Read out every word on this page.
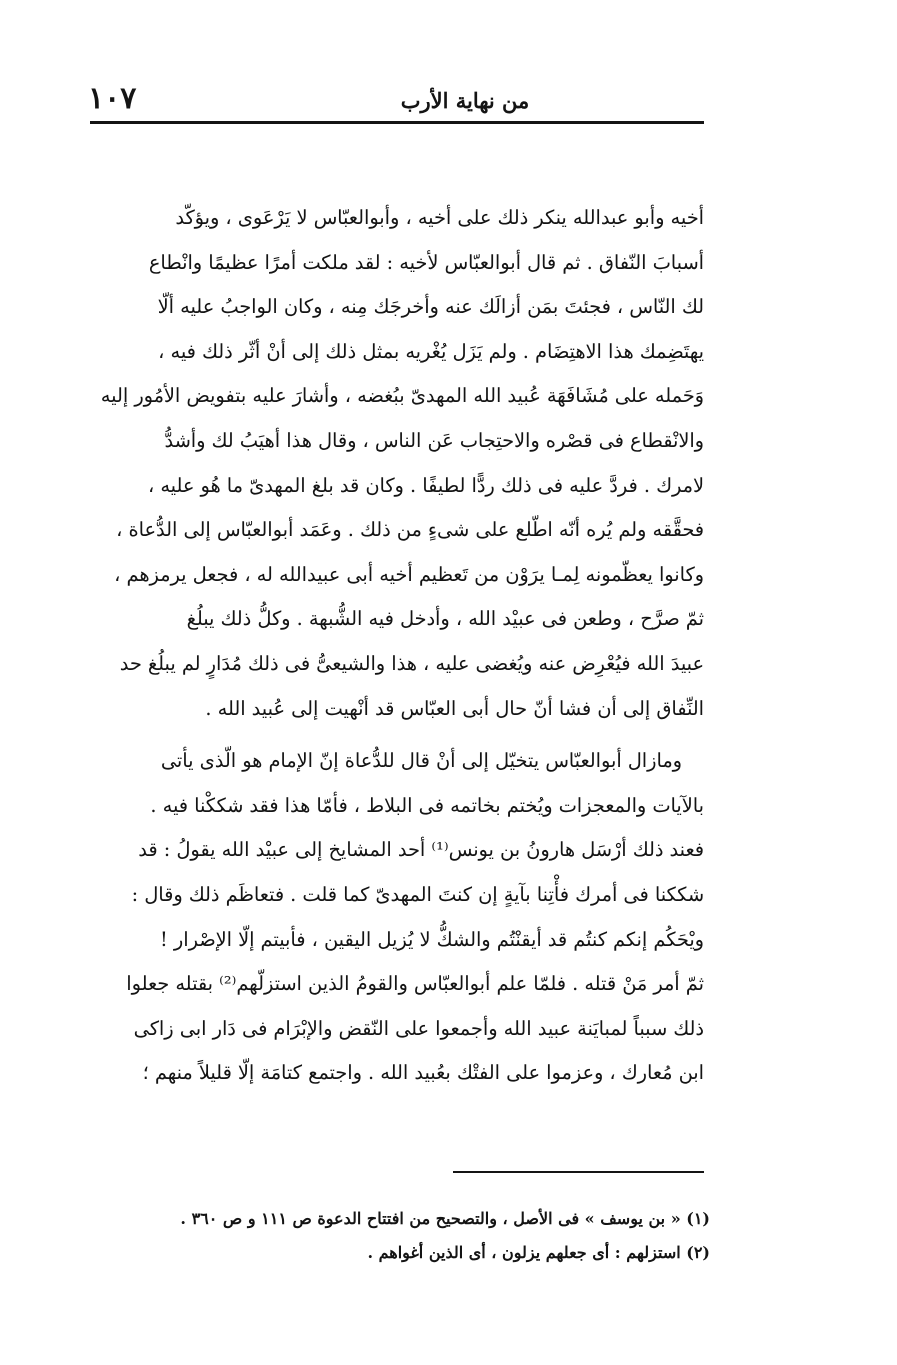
من نهاية الأرب
١٠٧
أخيه وأبو عبدالله ينكر ذلك على أخيه ، وأبوالعبّاس لا يَرْعَوى ، ويؤكّد
أسبابَ النّفاق . ثم قال أبوالعبّاس لأخيه : لقد ملكت أمرًا عظيمًا وانْطاع
لك النّاس ، فجئتَ بمَن أزالَك عنه وأخرجَك مِنه ، وكان الواجبُ عليه ألّا
يهتَضِمك هذا الاهتِضَام . ولم يَزَل يُغْريه بمثل ذلك إلى أنْ أثّر ذلك فيه ،
وَحَمله على مُشَافَهَة عُبيد الله المهدىّ ببُغضه ، وأشارَ عليه بتفويض الأمُور إليه
والانْقطاع فى قصْره والاحتِجاب عَن الناس ، وقال هذا أهيَبُ لك وأشدُّ
لامرك . فردَّ عليه فى ذلك ردًّا لطيفًا . وكان قد بلغ المهدىّ ما هُو عليه ،
فحقَّقه ولم يُره أنّه اطّلع على شىءٍ من ذلك . وعَمَد أبوالعبّاس إلى الدُّعاة ،
وكانوا يعظّمونه لِمـا يرَوْن من تَعظيم أخيه أبى عبيدالله له ، فجعل يرمزهم ،
ثمّ صرَّح ، وطعن فى عبيْد الله ، وأدخل فيه الشُّبهة . وكلُّ ذلك يبلُغ
عبيدَ الله فيُعْرِض عنه ويُغضى عليه ، هذا والشيعىُّ فى ذلك مُدَارٍ لم يبلُغ حد
النِّفاق إلى أن فشا أنّ حال أبى العبّاس قد أنْهيت إلى عُبيد الله .
ومازال أبوالعبّاس يتخيّل إلى أنْ قال للدُّعاة إنّ الإمام هو الّذى يأتى
بالآيات والمعجزات ويُختم بخاتمه فى البلاط ، فأمّا هذا فقد شككْنا فيه .
فعند ذلك أرْسَل هارونُ بن يونس⁽¹⁾ أحد المشايخ إلى عبيْد الله يقولُ : قد
شككنا فى أمرك فأْتِنا بآيةٍ إن كنتَ المهدىّ كما قلت . فتعاظَم ذلك وقال :
ويْحَكُم إنكم كنتُم قد أيقنْتُم والشكُّ لا يُزيل اليقين ، فأبيتم إلّا الإصْرار !
ثمّ أمر مَنْ قتله . فلمّا علم أبوالعبّاس والقومُ الذين استزلّهم⁽²⁾ بقتله جعلوا
ذلك سبباً لمبايَنة عبيد الله وأجمعوا على النّقض والإبْرَام فى دَار ابى زاكى
ابن مُعارك ، وعزموا على الفتْك بعُبيد الله . واجتمع كتامَة إلّا قليلاً منهم ؛
(١) « بن يوسف » فى الأصل ، والتصحيح من افتتاح الدعوة ص ١١١ و ص ٣٦٠ .
(٢) استزلهم : أى جعلهم يزلون ، أى الذين أغواهم .
